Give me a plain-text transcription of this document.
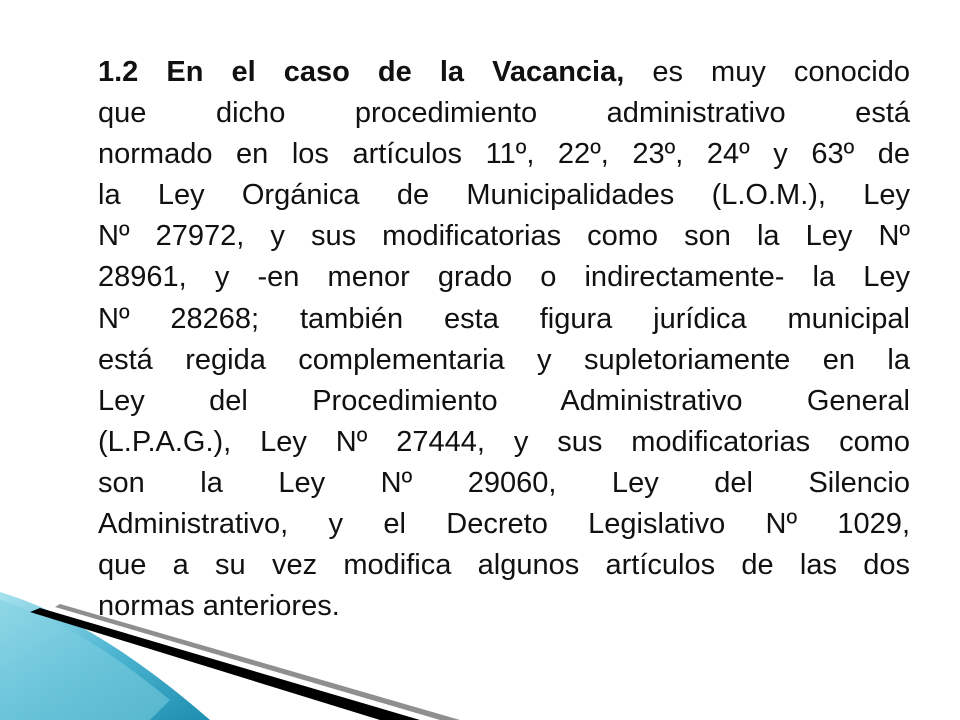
1.2 En el caso de la Vacancia, es muy conocido
que dicho procedimiento administrativo está
normado en los artículos 11º, 22º, 23º, 24º y 63º de
la Ley Orgánica de Municipalidades (L.O.M.), Ley
Nº 27972, y sus modificatorias como son la Ley Nº
28961, y -en menor grado o indirectamente- la Ley
Nº 28268; también esta figura jurídica municipal
está regida complementaria y supletoriamente en la
Ley del Procedimiento Administrativo General
(L.P.A.G.), Ley Nº 27444, y sus modificatorias como
son la Ley Nº 29060, Ley del Silencio
Administrativo, y el Decreto Legislativo Nº 1029,
que a su vez modifica algunos artículos de las dos
normas anteriores.
